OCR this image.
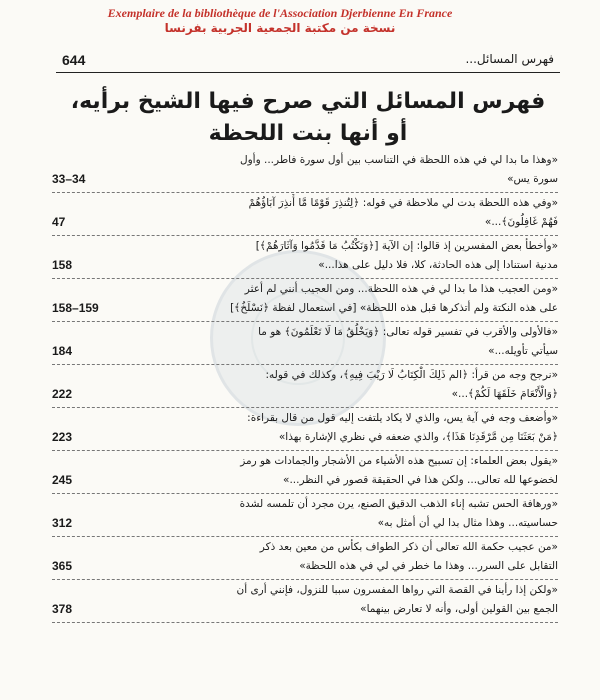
Exemplaire de la bibliothèque de l'Association Djerbienne En France
نسخة من مكتبة الجمعية الجربية بفرنسا
644	فهرس المسائل...
فهرس المسائل التي صرح فيها الشيخ برأيه،
أو أنها بنت اللحظة
«وهذا ما بدا لي في هذه اللحظة في التناسب بين أول سورة فاطر... وأول
سورة يس»
33–34
«وفي هذه اللحظة بدت لي ملاحظة في قوله: ﴿لِتُنذِرَ قَوْمًا مَّا أُنذِرَ آبَاؤُهُمْ
فَهُمْ غَافِلُونَ﴾...»
47
«وأخطأ بعض المفسرين إذ قالوا: إن الآية [﴿وَنَكْتُبُ مَا قَدَّمُوا وَآثَارَهُمْ﴾]
مدنية استنادا إلى هذه الحادثة، كلا، فلا دليل على هذا...»
158
«ومن العجيب هذا ما بدا لي في هذه اللحظة... ومن العجيب أنني لم أعثر
على هذه النكتة ولم أتذكرها قبل هذه اللحظة» [في استعمال لفظة ﴿نَسْلَخُ﴾]
158–159
«فالأولى والأقرب في تفسير قوله تعالى: ﴿وَيَخْلُقُ مَا لَا تَعْلَمُونَ﴾ هو ما
سيأتي تأويله...»
184
«نرجح وجه من قرأ: ﴿الم ذَلِكَ الْكِتَابُ لَا رَيْبَ فِيهِ﴾، وكذلك في قوله:
﴿وَالْأَنْعَامَ خَلَقَهَا لَكُمْ﴾...»
222
«وأضعف وجه في آية يس، والذي لا يكاد يلتفت إليه قول من قال بقراءة:
﴿مَنْ بَعَثَنَا مِن مَّرْقَدِنَا هَذَا﴾، والذي ضعفه في نظري الإشارة بهذا»
223
«يقول بعض العلماء: إن تسبيح هذه الأشياء من الأشجار والجمادات هو رمز
لخضوعها لله تعالى... ولكن هذا في الحقيقة قصور في النظر...»
245
«ورهافة الحس تشبه إناء الذهب الدقيق الصنع، يرن مجرد أن تلمسه لشدة
حساسيته... وهذا مثال بدا لي أن أمثل به»
312
«من عجيب حكمة الله تعالى أن ذكر الطواف بكأس من معين بعد ذكر
التقابل على السرر... وهذا ما خطر في لي في هذه اللحظة»
365
«ولكن إذا رأينا في القصة التي رواها المفسرون سببا للنزول، فإنني أرى أن
الجمع بين القولين أولى، وأنه لا تعارض بينهما»
378
